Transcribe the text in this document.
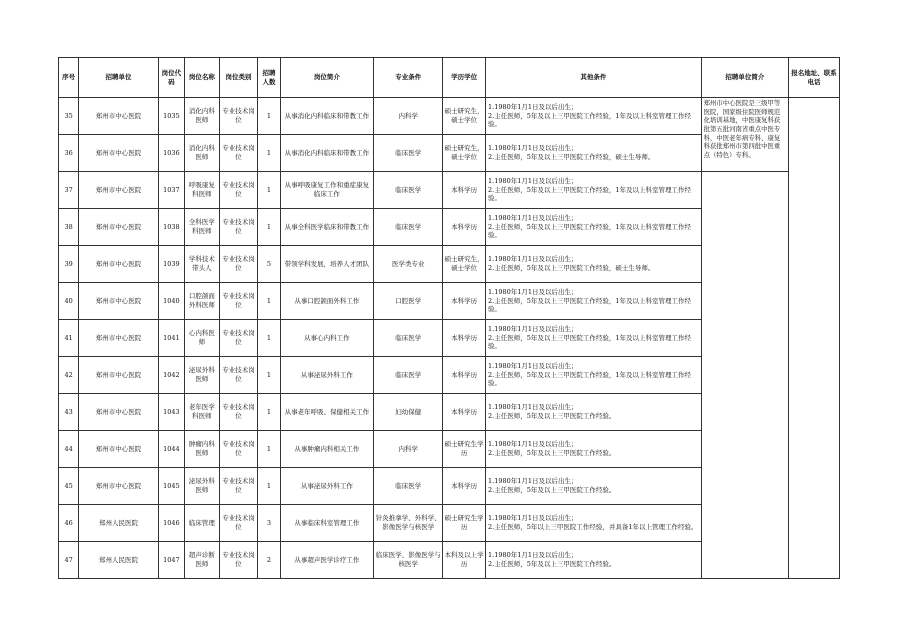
序号	招聘单位	岗位代码	岗位名称	岗位类别	招聘人数	岗位简介	专业条件	学历学位	其他条件	招聘单位简介	报名地址、联系电话
35	郑州市中心医院	1035	消化内科医师	专业技术岗位	1	从事消化内科临床和带教工作	内科学	硕士研究生，硕士学位	1.1980年1月1日及以后出生；
2.主任医师，5年及以上三甲医院工作经验，1年及以上科室管理工作经验。	郑州市中心医院是三级甲等医院，国家级住院医师规范化培训基地，中医康复科获批第五批河南省重点中医专科，中医老年病专科、康复科获批郑州市第四批中医重点（特色）专科。	
36	郑州市中心医院	1036	消化内科医师	专业技术岗位	1	从事消化内科临床和带教工作	临床医学	硕士研究生，硕士学位	1.1980年1月1日及以后出生；
2.主任医师，5年及以上三甲医院工作经验，硕士生导师。		
37	郑州市中心医院	1037	呼吸康复科医师	专业技术岗位	1	从事呼吸康复工作和重症康复临床工作	临床医学	本科学历	1.1980年1月1日及以后出生；
2.主任医师，5年及以上三甲医院工作经验，1年及以上科室管理工作经验。		
38	郑州市中心医院	1038	全科医学科医师	专业技术岗位	1	从事全科医学临床和带教工作	临床医学	本科学历	1.1980年1月1日及以后出生；
2.主任医师，5年及以上三甲医院工作经验，1年及以上科室管理工作经验。		
39	郑州市中心医院	1039	学科技术带头人	专业技术岗位	5	带领学科发展，培养人才团队	医学类专业	硕士研究生，硕士学位	1.1980年1月1日及以后出生；
2.主任医师，5年及以上三甲医院工作经验，硕士生导师。		
40	郑州市中心医院	1040	口腔颌面外科医师	专业技术岗位	1	从事口腔颌面外科工作	口腔医学	本科学历	1.1980年1月1日及以后出生；
2.主任医师，5年及以上三甲医院工作经验，1年及以上科室管理工作经验。		
41	郑州市中心医院	1041	心内科医师	专业技术岗位	1	从事心内科工作	临床医学	本科学历	1.1980年1月1日及以后出生；
2.主任医师，5年及以上三甲医院工作经验，1年及以上科室管理工作经验。		
42	郑州市中心医院	1042	泌尿外科医师	专业技术岗位	1	从事泌尿外科工作	临床医学	本科学历	1.1980年1月1日及以后出生；
2.主任医师，5年及以上三甲医院工作经验，1年及以上科室管理工作经验。		
43	郑州市中心医院	1043	老年医学科医师	专业技术岗位	1	从事老年呼吸、保健相关工作	妇幼保健	本科学历	1.1980年1月1日及以后出生；
2.主任医师，5年及以上三甲医院工作经验。		
44	郑州市中心医院	1044	肿瘤内科医师	专业技术岗位	1	从事肿瘤内科相关工作	内科学	硕士研究生学历	1.1980年1月1日及以后出生；
2.主任医师，5年及以上三甲医院工作经验。		
45	郑州市中心医院	1045	泌尿外科医师	专业技术岗位	1	从事泌尿外科工作	临床医学	本科学历	1.1980年1月1日及以后出生；
2.主任医师，5年及以上三甲医院工作经验。		
46	郑州人民医院	1046	临床管理	专业技术岗位	3	从事临床科室管理工作	针灸推拿学、外科学、影像医学与核医学	硕士研究生学历	1.1980年1月1日及以后出生；
2.主任医师，5年以上三甲医院工作经验，并具备1年以上管理工作经验。		
47	郑州人民医院	1047	超声诊断医师	专业技术岗位	2	从事超声医学诊疗工作	临床医学、影像医学与核医学	本科及以上学历	1.1980年1月1日及以后出生；
2.主任医师，5年及以上三甲医院工作经验。		
